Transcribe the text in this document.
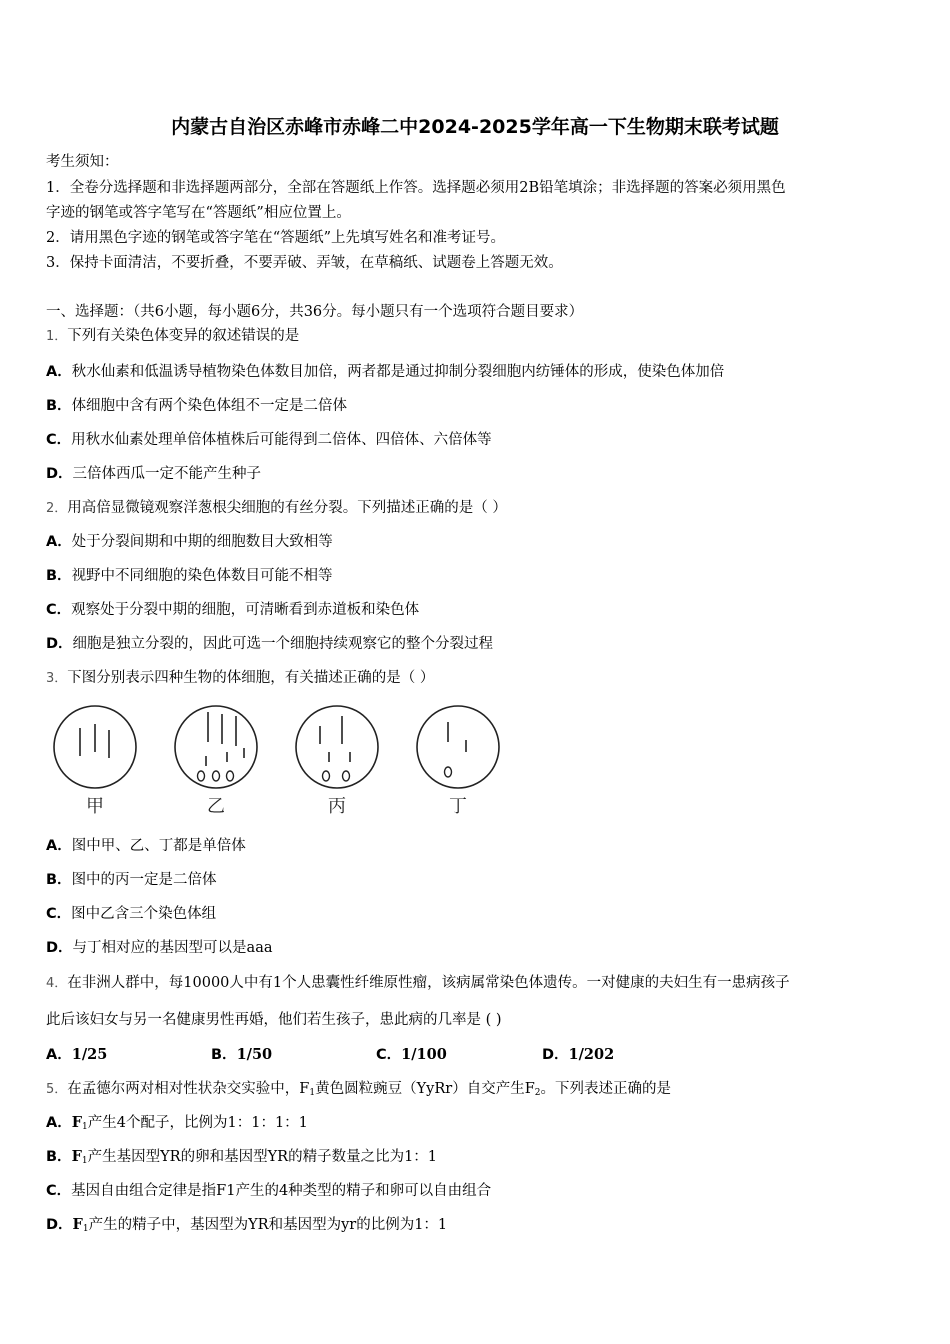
内蒙古自治区赤峰市赤峰二中2024-2025学年高一下生物期末联考试题
考生须知：
1．全卷分选择题和非选择题两部分，全部在答题纸上作答。选择题必须用2B铅笔填涂；非选择题的答案必须用黑色
字迹的钢笔或答字笔写在“答题纸”相应位置上。
2．请用黑色字迹的钢笔或答字笔在“答题纸”上先填写姓名和准考证号。
3．保持卡面清洁，不要折叠，不要弄破、弄皱，在草稿纸、试题卷上答题无效。
一、选择题：（共6小题，每小题6分，共36分。每小题只有一个选项符合题目要求）
1．下列有关染色体变异的叙述错误的是
A．秋水仙素和低温诱导植物染色体数目加倍，两者都是通过抑制分裂细胞内纺锤体的形成，使染色体加倍
B．体细胞中含有两个染色体组不一定是二倍体
C．用秋水仙素处理单倍体植株后可能得到二倍体、四倍体、六倍体等
D．三倍体西瓜一定不能产生种子
2．用高倍显微镜观察洋葱根尖细胞的有丝分裂。下列描述正确的是（ ）
A．处于分裂间期和中期的细胞数目大致相等
B．视野中不同细胞的染色体数目可能不相等
C．观察处于分裂中期的细胞，可清晰看到赤道板和染色体
D．细胞是独立分裂的，因此可选一个细胞持续观察它的整个分裂过程
3．下图分别表示四种生物的体细胞，有关描述正确的是（ ）
甲	乙	丙	丁
A．图中甲、乙、丁都是单倍体
B．图中的丙一定是二倍体
C．图中乙含三个染色体组
D．与丁相对应的基因型可以是aaa
4．在非洲人群中，每10000人中有1个人患囊性纤维原性瘤，该病属常染色体遗传。一对健康的夫妇生有一患病孩子
此后该妇女与另一名健康男性再婚，他们若生孩子，患此病的几率是 ( )
A．1/25	B．1/50	C．1/100	D．1/202
5．在孟德尔两对相对性状杂交实验中，$F_1$黄色圆粒豌豆（YyRr）自交产生$F_2$。下列表述正确的是
A．$F_1$产生4个配子，比例为1：1：1：1
B．$F_1$产生基因型YR的卵和基因型YR的精子数量之比为1：1
C．基因自由组合定律是指F1产生的4种类型的精子和卵可以自由组合
D．$F_1$产生的精子中，基因型为YR和基因型为yr的比例为1：1
